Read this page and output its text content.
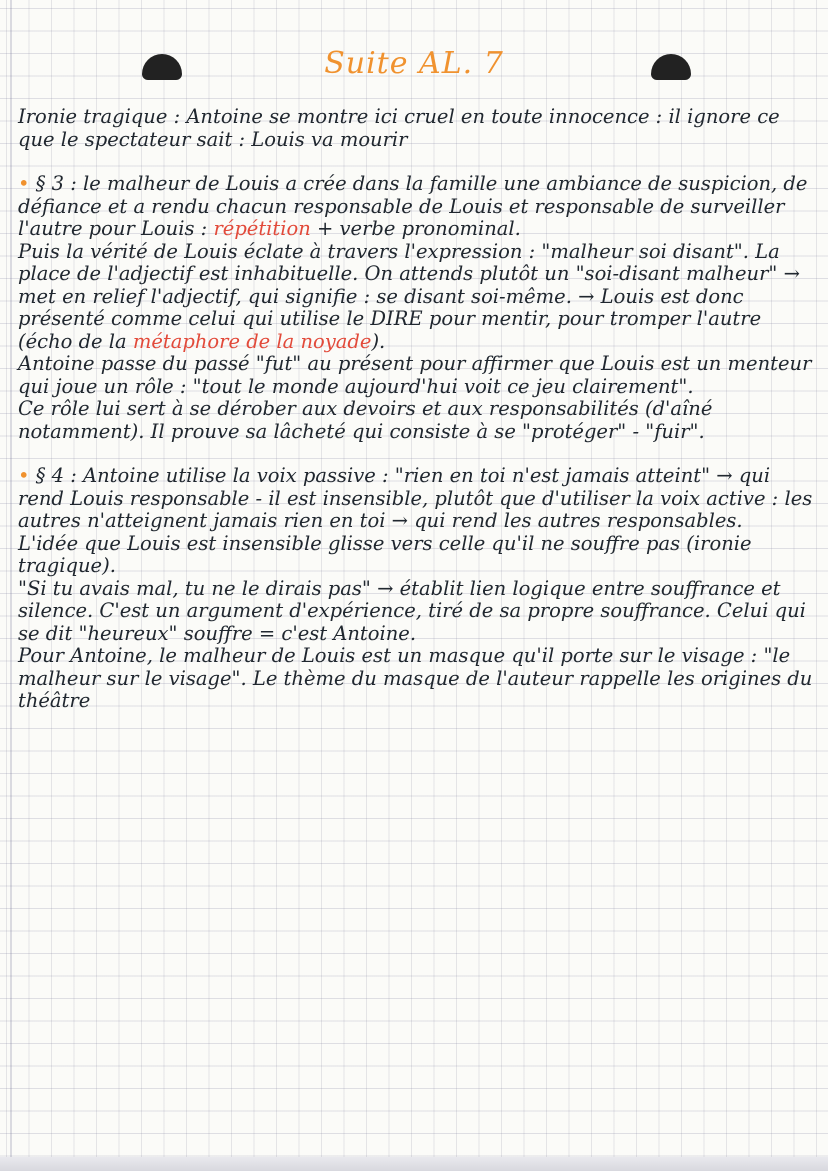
Suite AL. 7

Ironie tragique : Antoine se montre ici cruel en toute innocence : il ignore ce que le spectateur sait : Louis va mourir

• § 3 : le malheur de Louis a crée dans la famille une ambiance de suspicion, de défiance et a rendu chacun responsable de Louis et responsable de surveiller l'autre pour Louis : répétition + verbe pronominal.

Puis la vérité de Louis éclate à travers l'expression : "malheur soi disant". La place de l'adjectif est inhabituelle. On attends plutôt un "soi-disant malheur" → met en relief l'adjectif, qui signifie : se disant soi-même. → Louis est donc présenté comme celui qui utilise le DIRE pour mentir, pour tromper l'autre (écho de la métaphore de la noyade).

Antoine passe du passé "fut" au présent pour affirmer que Louis est un menteur qui joue un rôle : "tout le monde aujourd'hui voit ce jeu clairement".

Ce rôle lui sert à se dérober aux devoirs et aux responsabilités (d'aîné notamment). Il prouve sa lâcheté qui consiste à se "protéger" - "fuir".

• § 4 : Antoine utilise la voix passive : "rien en toi n'est jamais atteint" → qui rend Louis responsable - il est insensible, plutôt que d'utiliser la voix active : les autres n'atteignent jamais rien en toi → qui rend les autres responsables.

L'idée que Louis est insensible glisse vers celle qu'il ne souffre pas (ironie tragique).

"Si tu avais mal, tu ne le dirais pas" → établit lien logique entre souffrance et silence. C'est un argument d'expérience, tiré de sa propre souffrance. Celui qui se dit "heureux" souffre = c'est Antoine.

Pour Antoine, le malheur de Louis est un masque qu'il porte sur le visage : "le malheur sur le visage". Le thème du masque de l'auteur rappelle les origines du théâtre
